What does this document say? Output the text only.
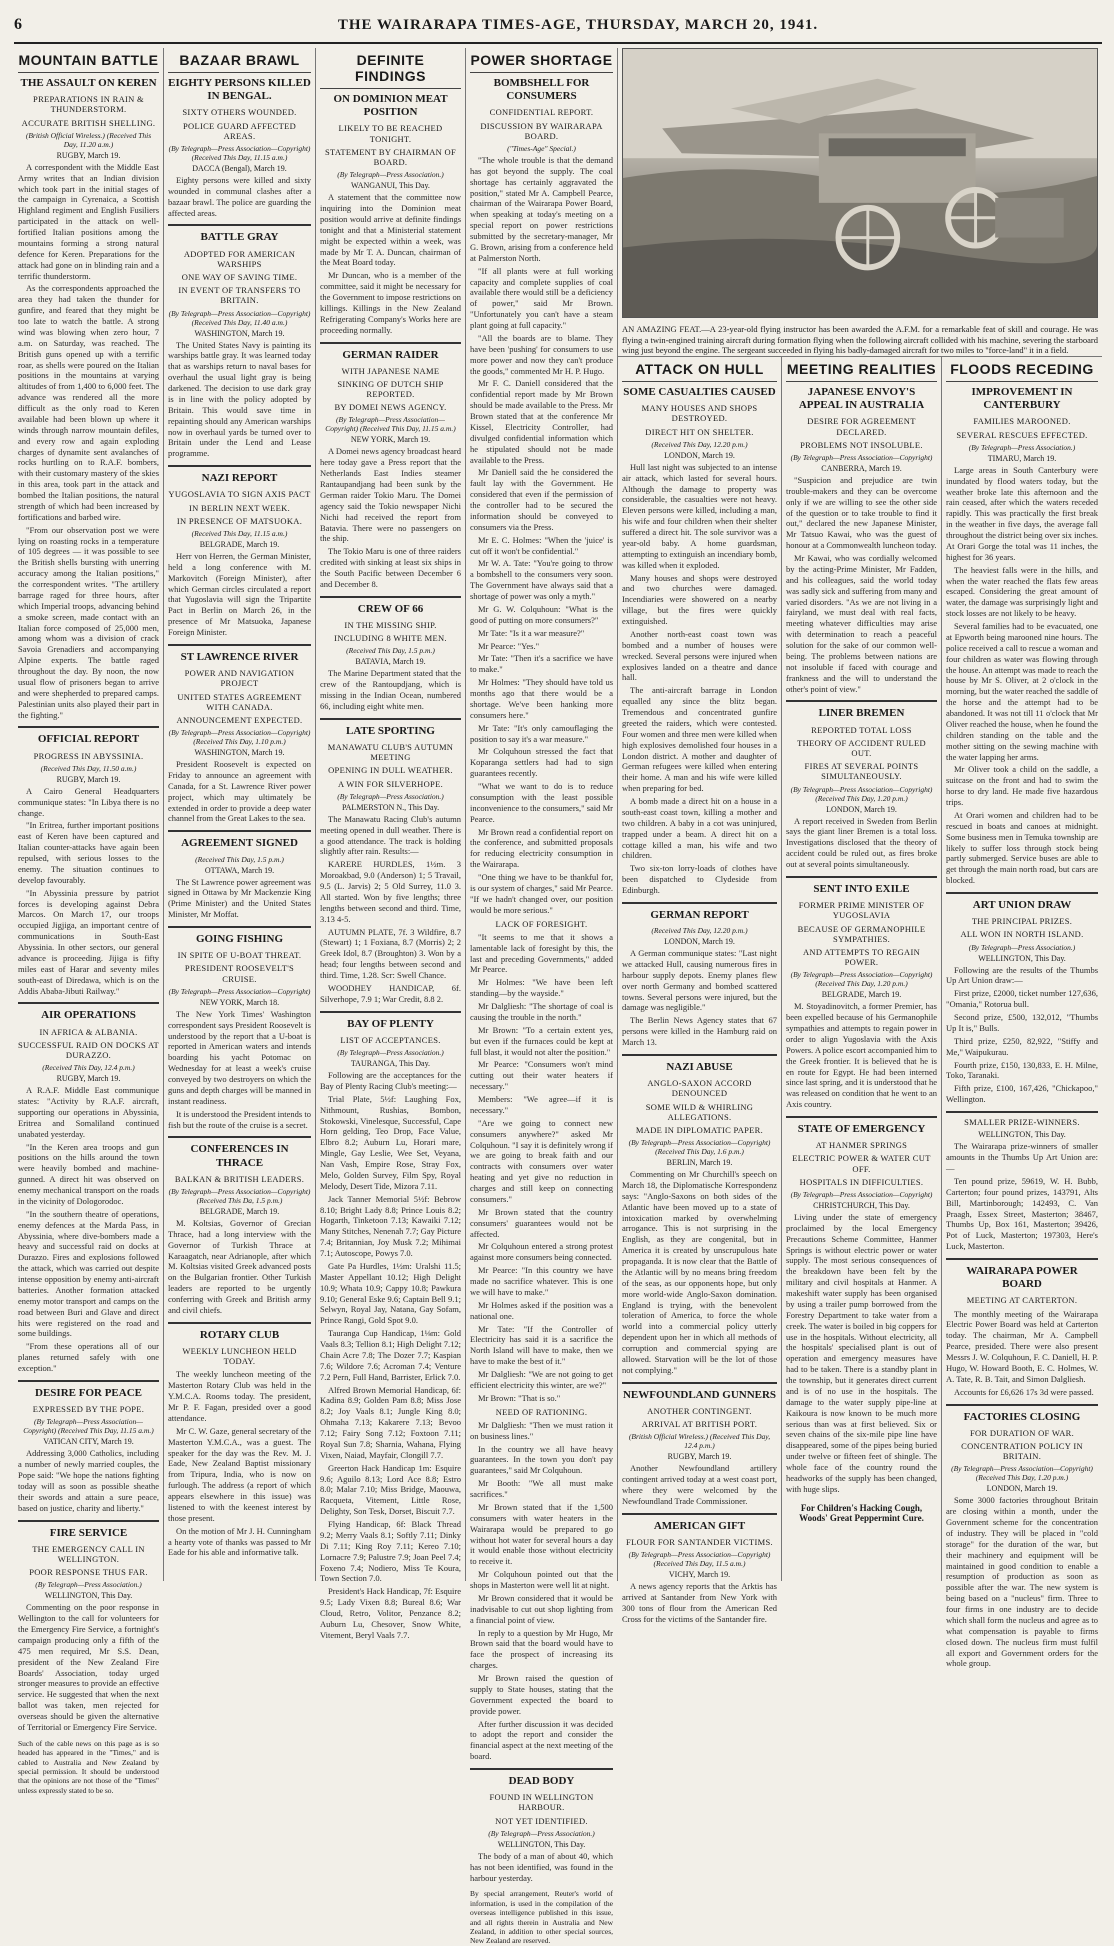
6	THE WAIRARAPA TIMES-AGE, THURSDAY, MARCH 20, 1941.
MOUNTAIN BATTLE
THE ASSAULT ON KEREN
PREPARATIONS IN RAIN & THUNDERSTORM.
ACCURATE BRITISH SHELLING.
(British Official Wireless.) (Received This Day, 11.20 a.m.)
RUGBY, March 19.

A correspondent with the Middle East Army writes that an Indian division which took part in the initial stages of the campaign in Cyrenaica, a Scottish Highland regiment and English Fusiliers participated in the attack on well-fortified Italian positions among the mountains forming a strong natural defence for Keren. Preparations for the attack had gone on in blinding rain and a terrific thunderstorm.

As the correspondents approached the area they had taken the thunder for gunfire, and feared that they might be too late to watch the battle. A strong wind was blowing when zero hour, 7 a.m. on Saturday, was reached. The British guns opened up with a terrific roar, as shells were poured on the Italian positions in the mountains at varying altitudes of from 1,400 to 6,000 feet. The advance was rendered all the more difficult as the only road to Keren available had been blown up where it winds through narrow mountain defiles, and every row and again exploding charges of dynamite sent avalanches of rocks hurtling on to R.A.F. bombers, with their customary mastery of the skies in this area, took part in the attack and bombed the Italian positions, the natural strength of which had been increased by fortifications and barbed wire.

"From our observation post we were lying on roasting rocks in a temperature of 105 degrees — it was possible to see the British shells bursting with unerring accuracy among the Italian positions," the correspondent writes. "The artillery barrage raged for three hours, after which Imperial troops, advancing behind a smoke screen, made contact with an Italian force composed of 25,000 men, among whom was a division of crack Savoia Grenadiers and accompanying Alpine experts. The battle raged throughout the day. By noon, the now usual flow of prisoners began to arrive and were shepherded to prepared camps. Palestinian units also played their part in the fighting."

OFFICIAL REPORT
PROGRESS IN ABYSSINIA.
(Received This Day, 11.50 a.m.)
RUGBY, March 19.

A Cairo General Headquarters communique states: "In Libya there is no change.

"In Eritrea, further important positions east of Keren have been captured and Italian counter-attacks have again been repulsed, with serious losses to the enemy. The situation continues to develop favourably.

"In Abyssinia pressure by patriot forces is developing against Debra Marcos. On March 17, our troops occupied Jigjiga, an important centre of communications in South-East Abyssinia. In other sectors, our general advance is proceeding. Jijiga is fifty miles east of Harar and seventy miles south-east of Diredawa, which is on the Addis Ababa-Jibuti Railway."

AIR OPERATIONS
IN AFRICA & ALBANIA.
SUCCESSFUL RAID ON DOCKS AT DURAZZO.
(Received This Day, 12.4 p.m.)
RUGBY, March 19.

A R.A.F. Middle East communique states: "Activity by R.A.F. aircraft, supporting our operations in Abyssinia, Eritrea and Somaliland continued unabated yesterday.

"In the Keren area troops and gun positions on the hills around the town were heavily bombed and machine-gunned. A direct hit was observed on enemy mechanical transport on the roads in the vicinity of Dologorodoc.

"In the southern theatre of operations, enemy defences at the Marda Pass, in Abyssinia, where dive-bombers made a heavy and successful raid on docks at Durazzo. Fires and explosions followed the attack, which was carried out despite intense opposition by enemy anti-aircraft batteries. Another formation attacked enemy motor transport and camps on the road between Buri and Glave and direct hits were registered on the road and some buildings.

"From these operations all of our planes returned safely with one exception."

DESIRE FOR PEACE
EXPRESSED BY THE POPE.
(By Telegraph—Press Association—Copyright) (Received This Day, 11.15 a.m.)
VATICAN CITY, March 19.

Addressing 3,000 Catholics, including a number of newly married couples, the Pope said: "We hope the nations fighting today will as soon as possible sheathe their swords and attain a sure peace, based on justice, charity and liberty."

FIRE SERVICE
THE EMERGENCY CALL IN WELLINGTON.
POOR RESPONSE THUS FAR.
(By Telegraph—Press Association.)
WELLINGTON, This Day.

Commenting on the poor response in Wellington to the call for volunteers for the Emergency Fire Service, a fortnight's campaign producing only a fifth of the 475 men required, Mr S.S. Dean, president of the New Zealand Fire Boards' Association, today urged stronger measures to provide an effective service. He suggested that when the next ballot was taken, men rejected for overseas should be given the alternative of Territorial or Emergency Fire Service.

Such of the cable news on this page as is so headed has appeared in the "Times," and is cabled to Australia and New Zealand by special permission. It should be understood that the opinions are not those of the "Times" unless expressly stated to be so.

BAZAAR BRAWL
EIGHTY PERSONS KILLED IN BENGAL.
SIXTY OTHERS WOUNDED.
POLICE GUARD AFFECTED AREAS.
(By Telegraph—Press Association—Copyright) (Received This Day, 11.15 a.m.)
DACCA (Bengal), March 19.

Eighty persons were killed and sixty wounded in communal clashes after a bazaar brawl. The police are guarding the affected areas.

BATTLE GRAY
ADOPTED FOR AMERICAN WARSHIPS
ONE WAY OF SAVING TIME.
IN EVENT OF TRANSFERS TO BRITAIN.
(By Telegraph—Press Association—Copyright) (Received This Day, 11.40 a.m.)
WASHINGTON, March 19.

The United States Navy is painting its warships battle gray. It was learned today that as warships return to naval bases for overhaul the usual light gray is being darkened. The decision to use dark gray is in line with the policy adopted by Britain. This would save time in repainting should any American warships now in overhaul yards be turned over to Britain under the Lend and Lease programme.

NAZI REPORT
YUGOSLAVIA TO SIGN AXIS PACT
IN BERLIN NEXT WEEK.
IN PRESENCE OF MATSUOKA.
(Received This Day, 11.15 a.m.)
BELGRADE, March 19.

Herr von Herren, the German Minister, held a long conference with M. Markovitch (Foreign Minister), after which German circles circulated a report that Yugoslavia will sign the Tripartite Pact in Berlin on March 26, in the presence of Mr Matsuoka, Japanese Foreign Minister.

ST LAWRENCE RIVER
POWER AND NAVIGATION PROJECT
UNITED STATES AGREEMENT WITH CANADA.
ANNOUNCEMENT EXPECTED.
(By Telegraph—Press Association—Copyright) (Received This Day, 1.10 p.m.)
WASHINGTON, March 19.

President Roosevelt is expected on Friday to announce an agreement with Canada, for a St. Lawrence River power project, which may ultimately be extended in order to provide a deep water channel from the Great Lakes to the sea.

AGREEMENT SIGNED
(Received This Day, 1.5 p.m.)
OTTAWA, March 19.

The St Lawrence power agreement was signed in Ottawa by Mr Mackenzie King (Prime Minister) and the United States Minister, Mr Moffat.

GOING FISHING
IN SPITE OF U-BOAT THREAT.
PRESIDENT ROOSEVELT'S CRUISE.
(By Telegraph—Press Association—Copyright)
NEW YORK, March 18.

The New York Times' Washington correspondent says President Roosevelt is understood by the report that a U-boat is reported in American waters and intends boarding his yacht Potomac on Wednesday for at least a week's cruise conveyed by two destroyers on which the guns and depth charges will be manned in instant readiness.

It is understood the President intends to fish but the route of the cruise is a secret.

CONFERENCES IN THRACE
BALKAN & BRITISH LEADERS.
(By Telegraph—Press Association—Copyright) (Received This Da, 1.5 p.m.)
BELGRADE, March 19.

M. Koltsias, Governor of Grecian Thrace, had a long interview with the Governor of Turkish Thrace at Karaagatch, near Adrianople, after which M. Koltsias visited Greek advanced posts on the Bulgarian frontier. Other Turkish leaders are reported to be urgently conferring with Greek and British army and civil chiefs.

ROTARY CLUB
WEEKLY LUNCHEON HELD TODAY.

The weekly luncheon meeting of the Masterton Rotary Club was held in the Y.M.C.A. Rooms today. The president, Mr P. F. Fagan, presided over a good attendance.

Mr C. W. Gaze, general secretary of the Masterton Y.M.C.A., was a guest. The speaker for the day was the Rev. M. J. Eade, New Zealand Baptist missionary from Tripura, India, who is now on furlough. The address (a report of which appears elsewhere in this issue) was listened to with the keenest interest by those present.

On the motion of Mr J. H. Cunningham a hearty vote of thanks was passed to Mr Eade for his able and informative talk.

DEFINITE FINDINGS
ON DOMINION MEAT POSITION
LIKELY TO BE REACHED TONIGHT.
STATEMENT BY CHAIRMAN OF BOARD.
(By Telegraph—Press Association.)
WANGANUI, This Day.

A statement that the committee now inquiring into the Dominion meat position would arrive at definite findings tonight and that a Ministerial statement might be expected within a week, was made by Mr T. A. Duncan, chairman of the Meat Board today.

Mr Duncan, who is a member of the committee, said it might be necessary for the Government to impose restrictions on killings. Killings in the New Zealand Refrigerating Company's Works here are proceeding normally.

GERMAN RAIDER
WITH JAPANESE NAME
SINKING OF DUTCH SHIP REPORTED.
BY DOMEI NEWS AGENCY.
(By Telegraph—Press Association—Copyright) (Received This Day, 11.15 a.m.)
NEW YORK, March 19.

A Domei news agency broadcast heard here today gave a Press report that the Netherlands East Indies steamer Rantaupandjang had been sunk by the German raider Tokio Maru. The Domei agency said the Tokio newspaper Nichi Nichi had received the report from Batavia. There were no passengers on the ship.

The Tokio Maru is one of three raiders credited with sinking at least six ships in the South Pacific between December 6 and December 8.

CREW OF 66
IN THE MISSING SHIP.
INCLUDING 8 WHITE MEN.
(Received This Day, 1.5 p.m.)
BATAVIA, March 19.

The Marine Department stated that the crew of the Rantoupdjang, which is missing in the Indian Ocean, numbered 66, including eight white men.

LATE SPORTING
MANAWATU CLUB'S AUTUMN MEETING
OPENING IN DULL WEATHER.
A WIN FOR SILVERHOPE.
(By Telegraph—Press Association.)
PALMERSTON N., This Day.

The Manawatu Racing Club's autumn meeting opened in dull weather. There is a good attendance. The track is holding slightly after rain. Results:—

KARERE HURDLES, 1½m. 3 Moroakbad, 9.0 (Anderson) 1; 5 Travail, 9.5 (L. Jarvis) 2; 5 Old Surrey, 11.0 3. All started. Won by five lengths; three lengths between second and third. Time, 3.13 4-5.

AUTUMN PLATE, 7f. 3 Wildfire, 8.7 (Stewart) 1; 1 Foxiana, 8.7 (Morris) 2; 2 Greek Idol, 8.7 (Broughton) 3. Won by a head; four lengths between second and third. Time, 1.28. Scr: Swell Chance.

WOODHEY HANDICAP, 6f. Silverhope, 7.9 1; War Credit, 8.8 2.

BAY OF PLENTY
LIST OF ACCEPTANCES.
(By Telegraph—Press Association.)
TAURANGA, This Day.

Following are the acceptances for the Bay of Plenty Racing Club's meeting:—

Trial Plate, 5½f: Laughing Fox, Nithmount, Rushias, Bombon, Stokowski, Vinelesque, Successful, Cape Horn gelding, Teo Drop, Face Value, Elbro 8.2; Auburn Lu, Horari mare, Mingle, Gay Leslie, Wee Set, Veyana, Nan Vash, Empire Rose, Stray Fox, Melo, Golden Survey, Film Spy, Royal Melody, Desert Tide, Mizora 7.11.

Jack Tanner Memorial 5½f: Bebrow 8.10; Bright Lady 8.8; Prince Louis 8.2; Hogarth, Tinketoon 7.13; Kawaiki 7.12; Many Stitches, Nenenah 7.7; Gay Picture 7.4; Britannian, Joy Musk 7.2; Mihimai 7.1; Autoscope, Powys 7.0.

Gate Pa Hurdles, 1½m: Uralshi 11.5; Master Appellant 10.12; High Delight 10.9; Whata 10.9; Cappy 10.8; Pawkura 9.10; General Eske 9.6; Captain Bell 9.1; Selwyn, Royal Jay, Natana, Gay Sofam, Prince Rangi, Gold Spot 9.0.

Tauranga Cup Handicap, 1⅛m: Gold Vaals 8.3; Tellion 8.1; High Delight 7.12; Chain Acre 7.8; The Dozer 7.7; Kaspian 7.6; Wildore 7.6; Acroman 7.4; Venture 7.2 Pern, Full Hand, Barrister, Erlick 7.0.

Alfred Brown Memorial Handicap, 6f: Kadina 8.9; Golden Pam 8.8; Miss Jose 8.2; Joy Vaals 8.1; Jungle King 8.0; Ohmaha 7.13; Kakarere 7.13; Bevoo 7.12; Fairy Song 7.12; Foxtoon 7.11; Royal Sun 7.8; Sharnia, Wahana, Flying Vixen, Naiad, Mayfair, Clongill 7.7.

Greerton Hack Handicap 1m: Esquire 9.6; Aguilo 8.13; Lord Ace 8.8; Estro 8.0; Malar 7.10; Miss Bridge, Maouwa, Racqueta, Vitement, Little Rose, Delighty, Son Tesk, Dorset, Biscuit 7.7.

Flying Handicap, 6f: Black Thread 9.2; Merry Vaals 8.1; Softly 7.11; Dinky Di 7.11; King Roy 7.11; Kereo 7.10; Lornacre 7.9; Palustre 7.9; Joan Peel 7.4; Foxeno 7.4; Nodiero, Miss Te Koura, Town Section 7.0.

President's Hack Handicap, 7f: Esquire 9.5; Lady Vixen 8.8; Bureal 8.6; War Cloud, Retro, Volitor, Penzance 8.2; Auburn Lu, Chesover, Snow White, Vitement, Beryl Vaals 7.7.

POWER SHORTAGE
BOMBSHELL FOR CONSUMERS
CONFIDENTIAL REPORT.
DISCUSSION BY WAIRARAPA BOARD.
("Times-Age" Special.)

"The whole trouble is that the demand has got beyond the supply. The coal shortage has certainly aggravated the position," stated Mr A. Campbell Pearce, chairman of the Wairarapa Power Board, when speaking at today's meeting on a special report on power restrictions submitted by the secretary-manager, Mr G. Brown, arising from a conference held at Palmerston North.

"If all plants were at full working capacity and complete supplies of coal available there would still be a deficiency of power," said Mr Brown. "Unfortunately you can't have a steam plant going at full capacity."

"All the boards are to blame. They have been 'pushing' for consumers to use more power and now they can't produce the goods," commented Mr H. P. Hugo.

Mr F. C. Daniell considered that the confidential report made by Mr Brown should be made available to the Press. Mr Brown stated that at the conference Mr Kissel, Electricity Controller, had divulged confidential information which he stipulated should not be made available to the Press.

Mr Daniell said the he considered the fault lay with the Government. He considered that even if the permission of the controller had to be secured the information should be conveyed to consumers via the Press.

Mr E. C. Holmes: "When the 'juice' is cut off it won't be confidential."

Mr W. A. Tate: "You're going to throw a bombshell to the consumers very soon. The Government have always said that a shortage of power was only a myth."

Mr G. W. Colquhoun: "What is the good of putting on more consumers?"

Mr Tate: "Is it a war measure?"

Mr Pearce: "Yes."

Mr Tate: "Then it's a sacrifice we have to make."

Mr Holmes: "They should have told us months ago that there would be a shortage. We've been hanking more consumers here."

Mr Tate: "It's only camouflaging the position to say it's a war measure."

Mr Colquhoun stressed the fact that Koparanga settlers had had to sign guarantees recently.

"What we want to do is to reduce consumption with the least possible inconvenience to the consumers," said Mr Pearce.

Mr Brown read a confidential report on the conference, and submitted proposals for reducing electricity consumption in the Wairarapa.

"One thing we have to be thankful for, is our system of charges," said Mr Pearce. "If we hadn't changed over, our position would be more serious."

LACK OF FORESIGHT.

"It seems to me that it shows a lamentable lack of foresight by this, the last and preceding Governments," added Mr Pearce.

Mr Holmes: "We have been left standing—by the wayside."

Mr Dalgliesh: "The shortage of coal is causing the trouble in the north."

Mr Brown: "To a certain extent yes, but even if the furnaces could be kept at full blast, it would not alter the position."

Mr Pearce: "Consumers won't mind cutting out their water heaters if necessary."

Members: "We agree—if it is necessary."

"Are we going to connect new consumers anywhere?" asked Mr Colquhoun. "I say it is definitely wrong if we are going to break faith and our contracts with consumers over water heating and yet give no reduction in charges and still keep on connecting consumers."

Mr Brown stated that the country consumers' guarantees would not be affected.

Mr Colquhoun entered a strong protest against more consumers being connected.

Mr Pearce: "In this country we have made no sacrifice whatever. This is one we will have to make."

Mr Holmes asked if the position was a national one.

Mr Tate: "If the Controller of Electricity has said it is a sacrifice the North Island will have to make, then we have to make the best of it."

Mr Dalgliesh: "We are not going to get efficient electricity this winter, are we?"

Mr Brown: "That is so."

NEED OF RATIONING.

Mr Dalgliesh: "Then we must ration it on business lines."

In the country we all have heavy guarantees. In the town you don't pay guarantees," said Mr Colquhoun.

Mr Booth: "We all must make sacrifices."

Mr Brown stated that if the 1,500 consumers with water heaters in the Wairarapa would be prepared to go without hot water for several hours a day it would enable those without electricity to receive it.

Mr Colquhoun pointed out that the shops in Masterton were well lit at night.

Mr Brown considered that it would be inadvisable to cut out shop lighting from a financial point of view.

In reply to a question by Mr Hugo, Mr Brown said that the board would have to face the prospect of increasing its charges.

Mr Brown raised the question of supply to State houses, stating that the Government expected the board to provide power.

After further discussion it was decided to adopt the report and consider the financial aspect at the next meeting of the board.

DEAD BODY
FOUND IN WELLINGTON HARBOUR.
NOT YET IDENTIFIED.
(By Telegraph—Press Association.)
WELLINGTON, This Day.

The body of a man of about 40, which has not been identified, was found in the harbour yesterday.

By special arrangement, Reuter's world of information, is used in the compilation of the overseas intelligence published in this issue, and all rights therein in Australia and New Zealand, in addition to other special sources, New Zealand are reserved.

AN AMAZING FEAT.—A 23-year-old flying instructor has been awarded the A.F.M. for a remarkable feat of skill and courage. He was flying a twin-engined training aircraft during formation flying when the following aircraft collided with his machine, severing the starboard wing just beyond the engine. The sergeant succeeded in flying his badly-damaged aircraft for two miles to "force-land" it in a field.
ATTACK ON HULL
SOME CASUALTIES CAUSED
MANY HOUSES AND SHOPS DESTROYED.
DIRECT HIT ON SHELTER.
(Received This Day, 12.20 p.m.)
LONDON, March 19.

Hull last night was subjected to an intense air attack, which lasted for several hours. Although the damage to property was considerable, the casualties were not heavy. Eleven persons were killed, including a man, his wife and four children when their shelter suffered a direct hit. The sole survivor was a year-old baby. A home guardsman, attempting to extinguish an incendiary bomb, was killed when it exploded.

Many houses and shops were destroyed and two churches were damaged. Incendiaries were showered on a nearby village, but the fires were quickly extinguished.

Another north-east coast town was bombed and a number of houses were wrecked. Several persons were injured when explosives landed on a theatre and dance hall.

The anti-aircraft barrage in London equalled any since the blitz began. Tremendous and concentrated gunfire greeted the raiders, which were contested. Four women and three men were killed when high explosives demolished four houses in a London district. A mother and daughter of German refugees were killed when entering their home. A man and his wife were killed when preparing for bed.

A bomb made a direct hit on a house in a south-east coast town, killing a mother and two children. A baby in a cot was uninjured, trapped under a beam. A direct hit on a cottage killed a man, his wife and two children.

Two six-ton lorry-loads of clothes have been dispatched to Clydeside from Edinburgh.

GERMAN REPORT
(Received This Day, 12.20 p.m.)
LONDON, March 19.

A German communique states: "Last night we attacked Hull, causing numerous fires in harbour supply depots. Enemy planes flew over north Germany and bombed scattered towns. Several persons were injured, but the damage was negligible."

The Berlin News Agency states that 67 persons were killed in the Hamburg raid on March 13.

NAZI ABUSE
ANGLO-SAXON ACCORD DENOUNCED
SOME WILD & WHIRLING ALLEGATIONS.
MADE IN DIPLOMATIC PAPER.
(By Telegraph—Press Association—Copyright) (Received This Day, 1.6 p.m.)
BERLIN, March 19.

Commenting on Mr Churchill's speech on March 18, the Diplomatische Korrespondenz says: "Anglo-Saxons on both sides of the Atlantic have been moved up to a state of intoxication marked by overwhelming arrogance. This is not surprising in the English, as they are congenital, but in America it is created by unscrupulous hate propaganda. It is now clear that the Battle of the Atlantic will by no means bring freedom of the seas, as our opponents hope, but only more world-wide Anglo-Saxon domination. England is trying, with the benevolent toleration of America, to force the whole world into a commercial policy utterly dependent upon her in which all methods of corruption and commercial spying are allowed. Starvation will be the lot of those not complying."

NEWFOUNDLAND GUNNERS
ANOTHER CONTINGENT.
ARRIVAL AT BRITISH PORT.
(British Official Wireless.) (Received This Day, 12.4 p.m.)
RUGBY, March 19.

Another Newfoundland artillery contingent arrived today at a west coast port, where they were welcomed by the Newfoundland Trade Commissioner.

AMERICAN GIFT
FLOUR FOR SANTANDER VICTIMS.
(By Telegraph—Press Association—Copyright) (Received This Day, 11.5 a.m.)
VICHY, March 19.

A news agency reports that the Arktis has arrived at Santander from New York with 300 tons of flour from the American Red Cross for the victims of the Santander fire.

MEETING REALITIES
JAPANESE ENVOY'S APPEAL IN AUSTRALIA
DESIRE FOR AGREEMENT DECLARED.
PROBLEMS NOT INSOLUBLE.
(By Telegraph—Press Association—Copyright)
CANBERRA, March 19.

"Suspicion and prejudice are twin trouble-makers and they can be overcome only if we are willing to see the other side of the question or to take trouble to find it out," declared the new Japanese Minister, Mr Tatsuo Kawai, who was the guest of honour at a Commonwealth luncheon today.

Mr Kawai, who was cordially welcomed by the acting-Prime Minister, Mr Fadden, and his colleagues, said the world today was sadly sick and suffering from many and varied disorders. "As we are not living in a fairyland, we must deal with real facts, meeting whatever difficulties may arise with determination to reach a peaceful solution for the sake of our common well-being. The problems between nations are not insoluble if faced with courage and frankness and the will to understand the other's point of view."

LINER BREMEN
REPORTED TOTAL LOSS
THEORY OF ACCIDENT RULED OUT.
FIRES AT SEVERAL POINTS SIMULTANEOUSLY.
(By Telegraph—Press Association—Copyright) (Received This Day, 1.20 p.m.)
LONDON, March 19.

A report received in Sweden from Berlin says the giant liner Bremen is a total loss. Investigations disclosed that the theory of accident could be ruled out, as fires broke out at several points simultaneously.

SENT INTO EXILE
FORMER PRIME MINISTER OF YUGOSLAVIA
BECAUSE OF GERMANOPHILE SYMPATHIES.
AND ATTEMPTS TO REGAIN POWER.
(By Telegraph—Press Association—Copyright) (Received This Day, 1.20 p.m.)
BELGRADE, March 19.

M. Stoyadinovitch, a former Premier, has been expelled because of his Germanophile sympathies and attempts to regain power in order to align Yugoslavia with the Axis Powers. A police escort accompanied him to the Greek frontier. It is believed that he is en route for Egypt. He had been interned since last spring, and it is understood that he was released on condition that he went to an Axis country.

STATE OF EMERGENCY
AT HANMER SPRINGS
ELECTRIC POWER & WATER CUT OFF.
HOSPITALS IN DIFFICULTIES.
(By Telegraph—Press Association—Copyright)
CHRISTCHURCH, This Day.

Living under the state of emergency proclaimed by the local Emergency Precautions Scheme Committee, Hanmer Springs is without electric power or water supply. The most serious consequences of the breakdown have been felt by the military and civil hospitals at Hanmer. A makeshift water supply has been organised by using a trailer pump borrowed from the Forestry Department to take water from a creek. The water is boiled in big coppers for use in the hospitals. Without electricity, all the hospitals' specialised plant is out of operation and emergency measures have had to be taken. There is a standby plant in the township, but it generates direct current and is of no use in the hospitals. The damage to the water supply pipe-line at Kaikoura is now known to be much more serious than was at first believed. Six or seven chains of the six-mile pipe line have disappeared, some of the pipes being buried under twelve or fifteen feet of shingle. The whole face of the country round the headworks of the supply has been changed, with huge slips.

For Children's Hacking Cough, Woods' Great Peppermint Cure.

FLOODS RECEDING
IMPROVEMENT IN CANTERBURY
FAMILIES MAROONED.
SEVERAL RESCUES EFFECTED.
(By Telegraph—Press Association.)
TIMARU, March 19.

Large areas in South Canterbury were inundated by flood waters today, but the weather broke late this afternoon and the rain ceased, after which the waters receded rapidly. This was practically the first break in the weather in five days, the average fall throughout the district being over six inches. At Orari Gorge the total was 11 inches, the highest for 36 years.

The heaviest falls were in the hills, and when the water reached the flats few areas escaped. Considering the great amount of water, the damage was surprisingly light and stock losses are not likely to be heavy.

Several families had to be evacuated, one at Epworth being marooned nine hours. The police received a call to rescue a woman and four children as water was flowing through the house. An attempt was made to reach the house by Mr S. Oliver, at 2 o'clock in the morning, but the water reached the saddle of the horse and the attempt had to be abandoned. It was not till 11 o'clock that Mr Oliver reached the house, when he found the children standing on the table and the mother sitting on the sewing machine with the water lapping her arms.

Mr Oliver took a child on the saddle, a suitcase on the front and had to swim the horse to dry land. He made five hazardous trips.

At Orari women and children had to be rescued in boats and canoes at midnight. Some business men in Temuka township are likely to suffer loss through stock being partly submerged. Service buses are able to get through the main north road, but cars are blocked.

ART UNION DRAW
THE PRINCIPAL PRIZES.
ALL WON IN NORTH ISLAND.
(By Telegraph—Press Association.)
WELLINGTON, This Day.

Following are the results of the Thumbs Up Art Union draw:—

First prize, £2000, ticket number 127,636, "Omania," Rotorua bull.

Second prize, £500, 132,012, "Thumbs Up It is," Bulls.

Third prize, £250, 82,922, "Stiffy and Me," Waipukurau.

Fourth prize, £150, 130,833, E. H. Milne, Toko, Taranaki.

Fifth prize, £100, 167,426, "Chickapoo," Wellington.

SMALLER PRIZE-WINNERS.
WELLINGTON, This Day.

The Wairarapa prize-winners of smaller amounts in the Thumbs Up Art Union are:—

Ten pound prize, 59619, W. H. Bubb, Carterton; four pound prizes, 143791, Alts Bill, Martinborough; 142493, C. Van Praagh, Essex Street, Masterton; 38467, Thumbs Up, Box 161, Masterton; 39426, Pot of Luck, Masterton; 197303, Here's Luck, Masterton.

WAIRARAPA POWER BOARD
MEETING AT CARTERTON.

The monthly meeting of the Wairarapa Electric Power Board was held at Carterton today. The chairman, Mr A. Campbell Pearce, presided. There were also present Messrs J. W. Colquhoun, F. C. Daniell, H. P. Hugo, W. Howard Booth, E. C. Holmes, W. A. Tate, R. B. Tait, and Simon Dalgliesh.

Accounts for £6,626 17s 3d were passed.

FACTORIES CLOSING
FOR DURATION OF WAR.
CONCENTRATION POLICY IN BRITAIN.
(By Telegraph—Press Association—Copyright) (Received This Day, 1.20 p.m.)
LONDON, March 19.

Some 3000 factories throughout Britain are closing within a month, under the Government scheme for the concentration of industry. They will be placed in "cold storage" for the duration of the war, but their machinery and equipment will be maintained in good condition to enable a resumption of production as soon as possible after the war. The new system is being based on a "nucleus" firm. Three to four firms in one industry are to decide which shall form the nucleus and agree as to what compensation is payable to firms closed down. The nucleus firm must fulfil all export and Government orders for the whole group.
